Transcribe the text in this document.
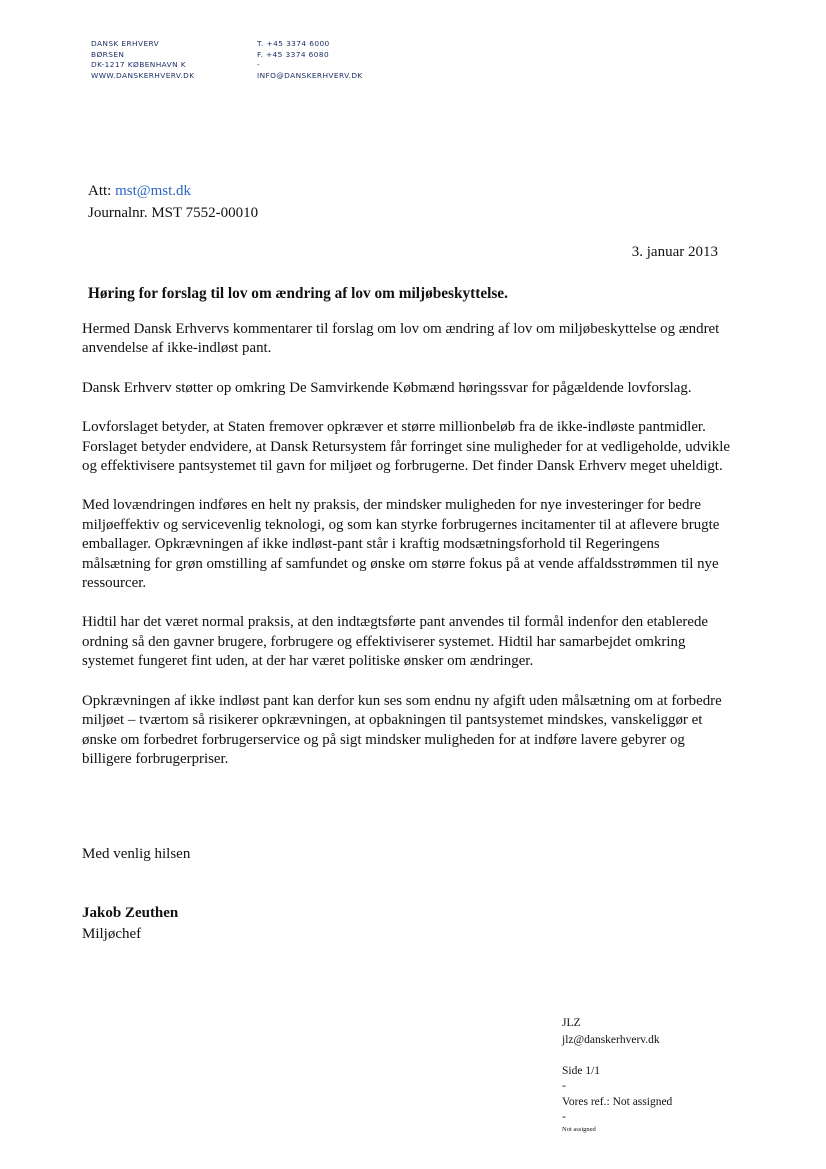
DANSK ERHVERV
BØRSEN
DK-1217 KØBENHAVN K
WWW.DANSKERHVERV.DK
T. +45 3374 6000
F. +45 3374 6080
-
INFO@DANSKERHVERV.DK
Att: mst@mst.dk
Journalnr. MST 7552-00010
3. januar 2013
Høring for forslag til lov om ændring af lov om miljøbeskyttelse.

Hermed Dansk Erhvervs kommentarer til forslag om lov om ændring af lov om miljøbeskyttelse og ændret anvendelse af ikke-indløst pant.

Dansk Erhverv støtter op omkring De Samvirkende Købmænd høringssvar for pågældende lovforslag.

Lovforslaget betyder, at Staten fremover opkræver et større millionbeløb fra de ikke-indløste pantmidler. Forslaget betyder endvidere, at Dansk Retursystem får forringet sine muligheder for at vedligeholde, udvikle og effektivisere pantsystemet til gavn for miljøet og forbrugerne. Det finder Dansk Erhverv meget uheldigt.

Med lovændringen indføres en helt ny praksis, der mindsker muligheden for nye investeringer for bedre miljøeffektiv og servicevenlig teknologi, og som kan styrke forbrugernes incitamenter til at aflevere brugte emballager. Opkrævningen af ikke indløst-pant står i kraftig modsætningsforhold til Regeringens målsætning for grøn omstilling af samfundet og ønske om større fokus på at vende affaldsstrømmen til nye ressourcer.

Hidtil har det været normal praksis, at den indtægtsførte pant anvendes til formål indenfor den etablerede ordning så den gavner brugere, forbrugere og effektiviserer systemet. Hidtil har samarbejdet omkring systemet fungeret fint uden, at der har været politiske ønsker om ændringer.

Opkrævningen af ikke indløst pant kan derfor kun ses som endnu ny afgift uden målsætning om at forbedre miljøet – tværtom så risikerer opkrævningen, at opbakningen til pantsystemet mindskes, vanskeliggør et ønske om forbedret forbrugerservice og på sigt mindsker muligheden for at indføre lavere gebyrer og billigere forbrugerpriser.

Med venlig hilsen
Jakob Zeuthen
Miljøchef
JLZ
jlz@danskerhverv.dk
Side 1/1
-
Vores ref.: Not assigned
-
Not assigned
